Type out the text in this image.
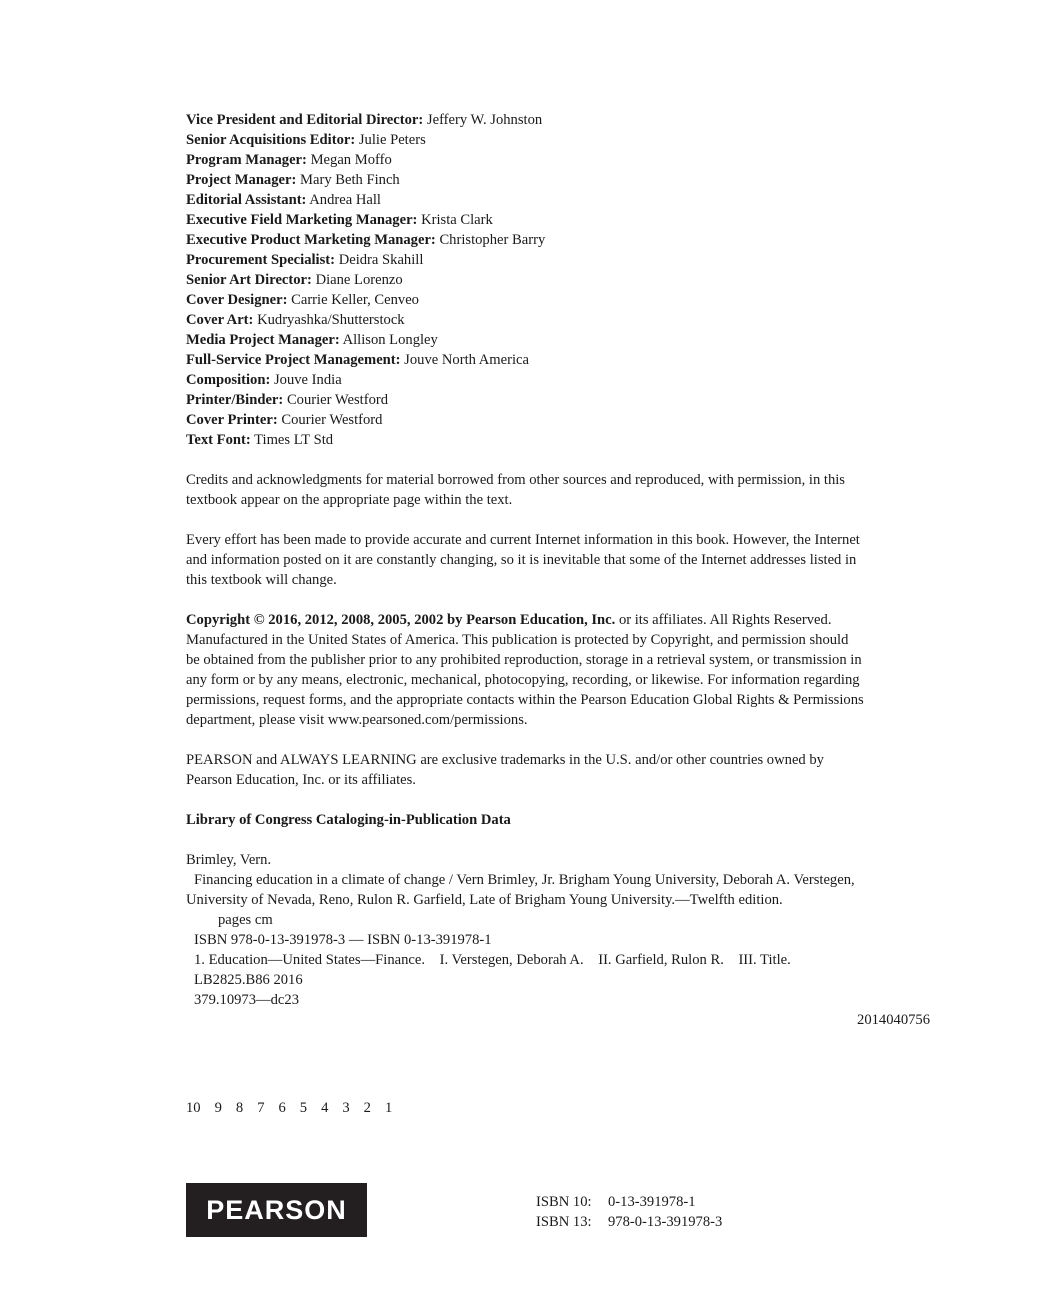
Vice President and Editorial Director: Jeffery W. Johnston
Senior Acquisitions Editor: Julie Peters
Program Manager: Megan Moffo
Project Manager: Mary Beth Finch
Editorial Assistant: Andrea Hall
Executive Field Marketing Manager: Krista Clark
Executive Product Marketing Manager: Christopher Barry
Procurement Specialist: Deidra Skahill
Senior Art Director: Diane Lorenzo
Cover Designer: Carrie Keller, Cenveo
Cover Art: Kudryashka/Shutterstock
Media Project Manager: Allison Longley
Full-Service Project Management: Jouve North America
Composition: Jouve India
Printer/Binder: Courier Westford
Cover Printer: Courier Westford
Text Font: Times LT Std
Credits and acknowledgments for material borrowed from other sources and reproduced, with permission, in this
textbook appear on the appropriate page within the text.
Every effort has been made to provide accurate and current Internet information in this book. However, the Internet
and information posted on it are constantly changing, so it is inevitable that some of the Internet addresses listed in
this textbook will change.
Copyright © 2016, 2012, 2008, 2005, 2002 by Pearson Education, Inc. or its affiliates. All Rights Reserved.
Manufactured in the United States of America. This publication is protected by Copyright, and permission should
be obtained from the publisher prior to any prohibited reproduction, storage in a retrieval system, or transmission in
any form or by any means, electronic, mechanical, photocopying, recording, or likewise. For information regarding
permissions, request forms, and the appropriate contacts within the Pearson Education Global Rights & Permissions
department, please visit www.pearsoned.com/permissions.
PEARSON and ALWAYS LEARNING are exclusive trademarks in the U.S. and/or other countries owned by
Pearson Education, Inc. or its affiliates.
Library of Congress Cataloging-in-Publication Data
Brimley, Vern.
Financing education in a climate of change / Vern Brimley, Jr. Brigham Young University, Deborah A. Verstegen,
University of Nevada, Reno, Rulon R. Garfield, Late of Brigham Young University.—Twelfth edition.
pages cm
ISBN 978-0-13-391978-3 — ISBN 0-13-391978-1
1. Education—United States—Finance.    I. Verstegen, Deborah A.    II. Garfield, Rulon R.    III. Title.
LB2825.B86 2016
379.10973—dc23
2014040756
10 9 8 7 6 5 4 3 2 1
PEARSON	ISBN 10: 0-13-391978-1
ISBN 13: 978-0-13-391978-3
